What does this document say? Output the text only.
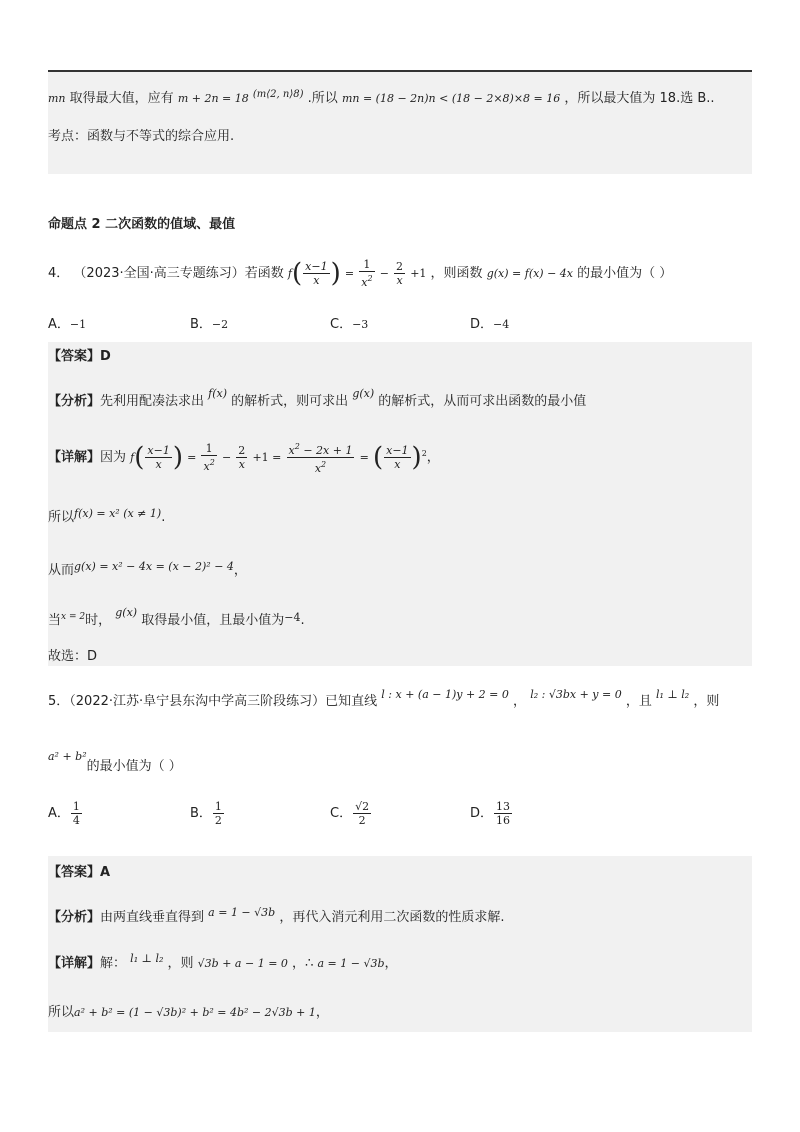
mn 取得最大值，应有 m + 2n = 18 $^{(m⟨2, n⟩8)}$ .所以 mn = (18 − 2n)n < (18 − 2×8)×8 = 16 ，所以最大值为 18.选 B..
考点：函数与不等式的综合应用.
命题点 2 二次函数的值域、最值
4． （2023·全国·高三专题练习）若函数 $f( \frac{x-1}{x}$ ) = $\frac{1}{x^2} - \frac{2}{x} +1$ ，则函数 g(x) = f(x) − 4x 的最小值为（ ）
A．−1	B．−2	C．−3	D．−4
【答案】D
【分析】先利用配凑法求出 $^{f(x)}$ 的解析式，则可求出 $^{g(x)}$ 的解析式，从而可求出函数的最小值
【详解】因为 $f( \frac{x-1}{x}$ ) = $\frac{1}{x^2} - \frac{2}{x} +1 = \frac{x^2 - 2x + 1}{x^2}$ = ( $\frac{x-1}{x} )^2$，
所以$^{f(x) = x^2 (x \ne 1)}$.
从而$^{g(x) = x^2 - 4x = (x - 2)^2 - 4}$，
当$^{x = 2}$时， $^{g(x)}$ 取得最小值，且最小值为$^{-4}$.
故选：D
5．（2022·江苏·阜宁县东沟中学高三阶段练习）已知直线 $^{l : x + (a - 1)y + 2 = 0}$ ， $^{l_2 : √3bx + y = 0}$ ，且 $^{l_1 \perp l_2}$ ，则
$^{a^2 + b^2}$的最小值为（ ）
A． $\frac{1}{4}$	B． $\frac{1}{2}$	C． $\frac{√2}{2}$	D． $\frac{13}{16}$
【答案】A
【分析】由两直线垂直得到 $^{a = 1 - √3b}$ ，再代入消元利用二次函数的性质求解.
【详解】解： $^{l_1 \perp l_2}$ ，则 √3b + a − 1 = 0 ，∴ a = 1 − √3b，
所以a² + b² = (1 − √3b)² + b² = 4b² − 2√3b + 1，
